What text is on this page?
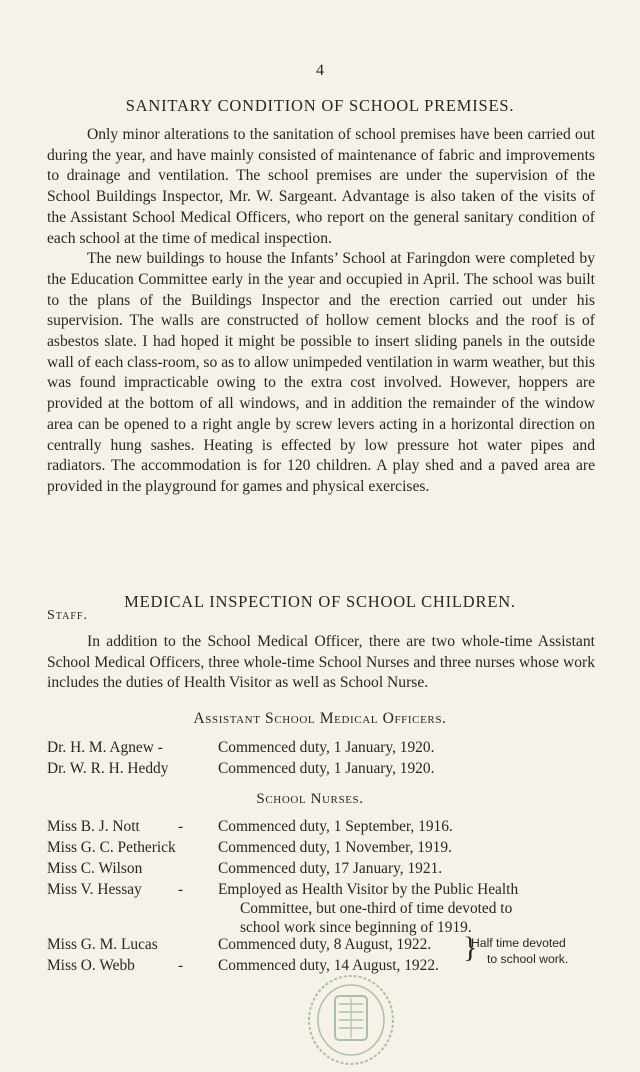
4
SANITARY CONDITION OF SCHOOL PREMISES.

Only minor alterations to the sanitation of school premises have been carried out during the year, and have mainly consisted of maintenance of fabric and improvements to drainage and ventilation. The school premises are under the supervision of the School Buildings Inspector, Mr. W. Sargeant. Advantage is also taken of the visits of the Assistant School Medical Officers, who report on the general sanitary condition of each school at the time of medical inspection.

The new buildings to house the Infants’ School at Faringdon were completed by the Education Committee early in the year and occupied in April. The school was built to the plans of the Buildings Inspector and the erection carried out under his supervision. The walls are constructed of hollow cement blocks and the roof is of asbestos slate. I had hoped it might be possible to insert sliding panels in the outside wall of each class-room, so as to allow unimpeded ventilation in warm weather, but this was found impracticable owing to the extra cost involved. However, hoppers are provided at the bottom of all windows, and in addition the remainder of the window area can be opened to a right angle by screw levers acting in a horizontal direction on centrally hung sashes. Heating is effected by low pressure hot water pipes and radiators. The accommodation is for 120 children. A play shed and a paved area are provided in the playground for games and physical exercises.

MEDICAL INSPECTION OF SCHOOL CHILDREN.
Staff.

In addition to the School Medical Officer, there are two whole-time Assistant School Medical Officers, three whole-time School Nurses and three nurses whose work includes the duties of Health Visitor as well as School Nurse.

Assistant School Medical Officers.
Dr. H. M. Agnew -	Commenced duty, 1 January, 1920.
Dr. W. R. H. Heddy	Commenced duty, 1 January, 1920.
School Nurses.
Miss B. J. Nott - Commenced duty, 1 September, 1916.
Miss G. C. Petherick	Commenced duty, 1 November, 1919.
Miss C. Wilson	Commenced duty, 17 January, 1921.
Miss V. Hessay - Employed as Health Visitor by the Public Health
Committee, but one-third of time devoted to
school work since beginning of 1919.
Miss G. M. Lucas	Commenced duty, 8 August, 1922.
Miss O. Webb	- Commenced duty, 14 August, 1922.
}
Half time devoted
to school work.
